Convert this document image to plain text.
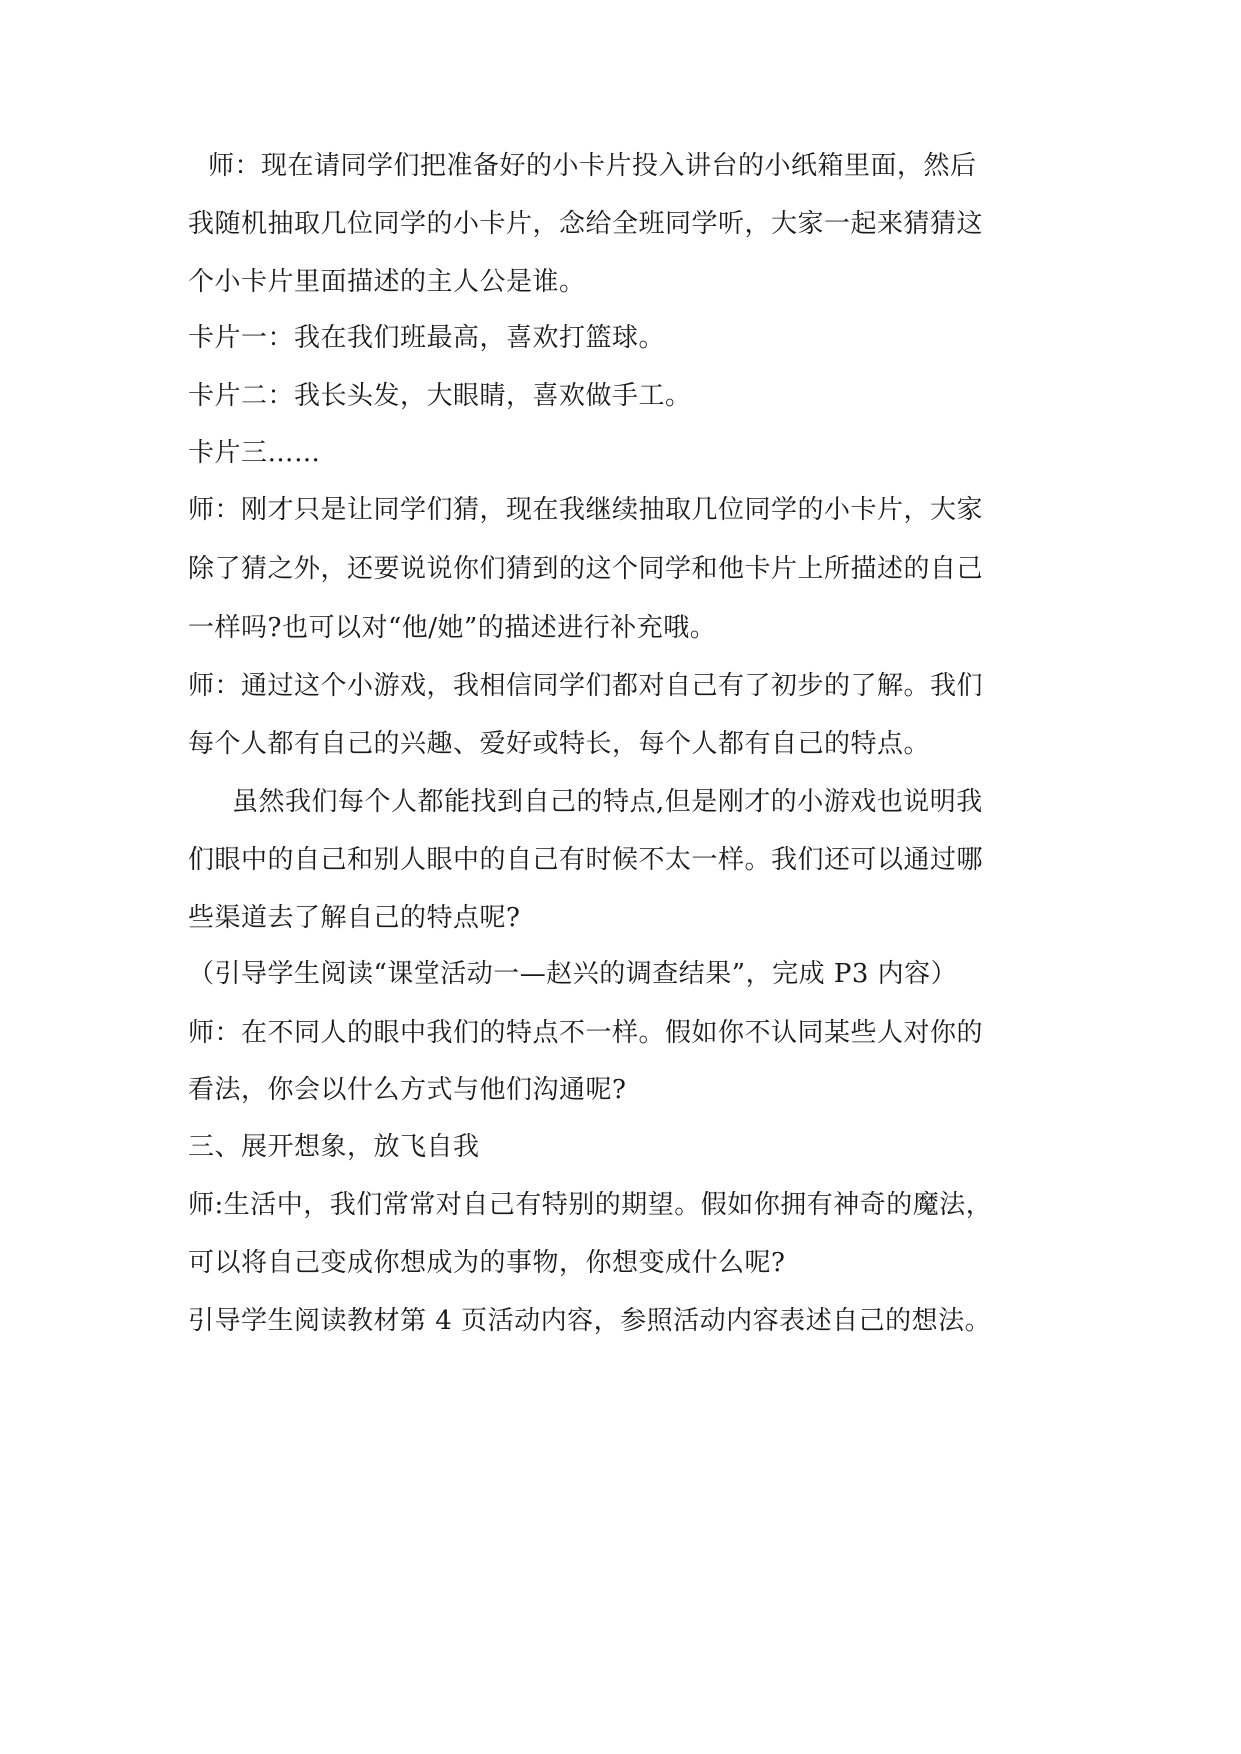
师：现在请同学们把准备好的小卡片投入讲台的小纸箱里面，然后
我随机抽取几位同学的小卡片，念给全班同学听，大家一起来猜猜这
个小卡片里面描述的主人公是谁。
卡片一：我在我们班最高，喜欢打篮球。
卡片二：我长头发，大眼睛，喜欢做手工。
卡片三……
师：刚才只是让同学们猜，现在我继续抽取几位同学的小卡片，大家
除了猜之外，还要说说你们猜到的这个同学和他卡片上所描述的自己
一样吗?也可以对“他/她”的描述进行补充哦。
师：通过这个小游戏，我相信同学们都对自己有了初步的了解。我们
每个人都有自己的兴趣、爱好或特长，每个人都有自己的特点。
虽然我们每个人都能找到自己的特点,但是刚才的小游戏也说明我
们眼中的自己和别人眼中的自己有时候不太一样。我们还可以通过哪
些渠道去了解自己的特点呢?
（引导学生阅读“课堂活动一—赵兴的调查结果”，完成 P3 内容）
师：在不同人的眼中我们的特点不一样。假如你不认同某些人对你的
看法，你会以什么方式与他们沟通呢?
三、展开想象，放飞自我
师:生活中，我们常常对自己有特别的期望。假如你拥有神奇的魔法，
可以将自己变成你想成为的事物，你想变成什么呢?
引导学生阅读教材第 4 页活动内容，参照活动内容表述自己的想法。
